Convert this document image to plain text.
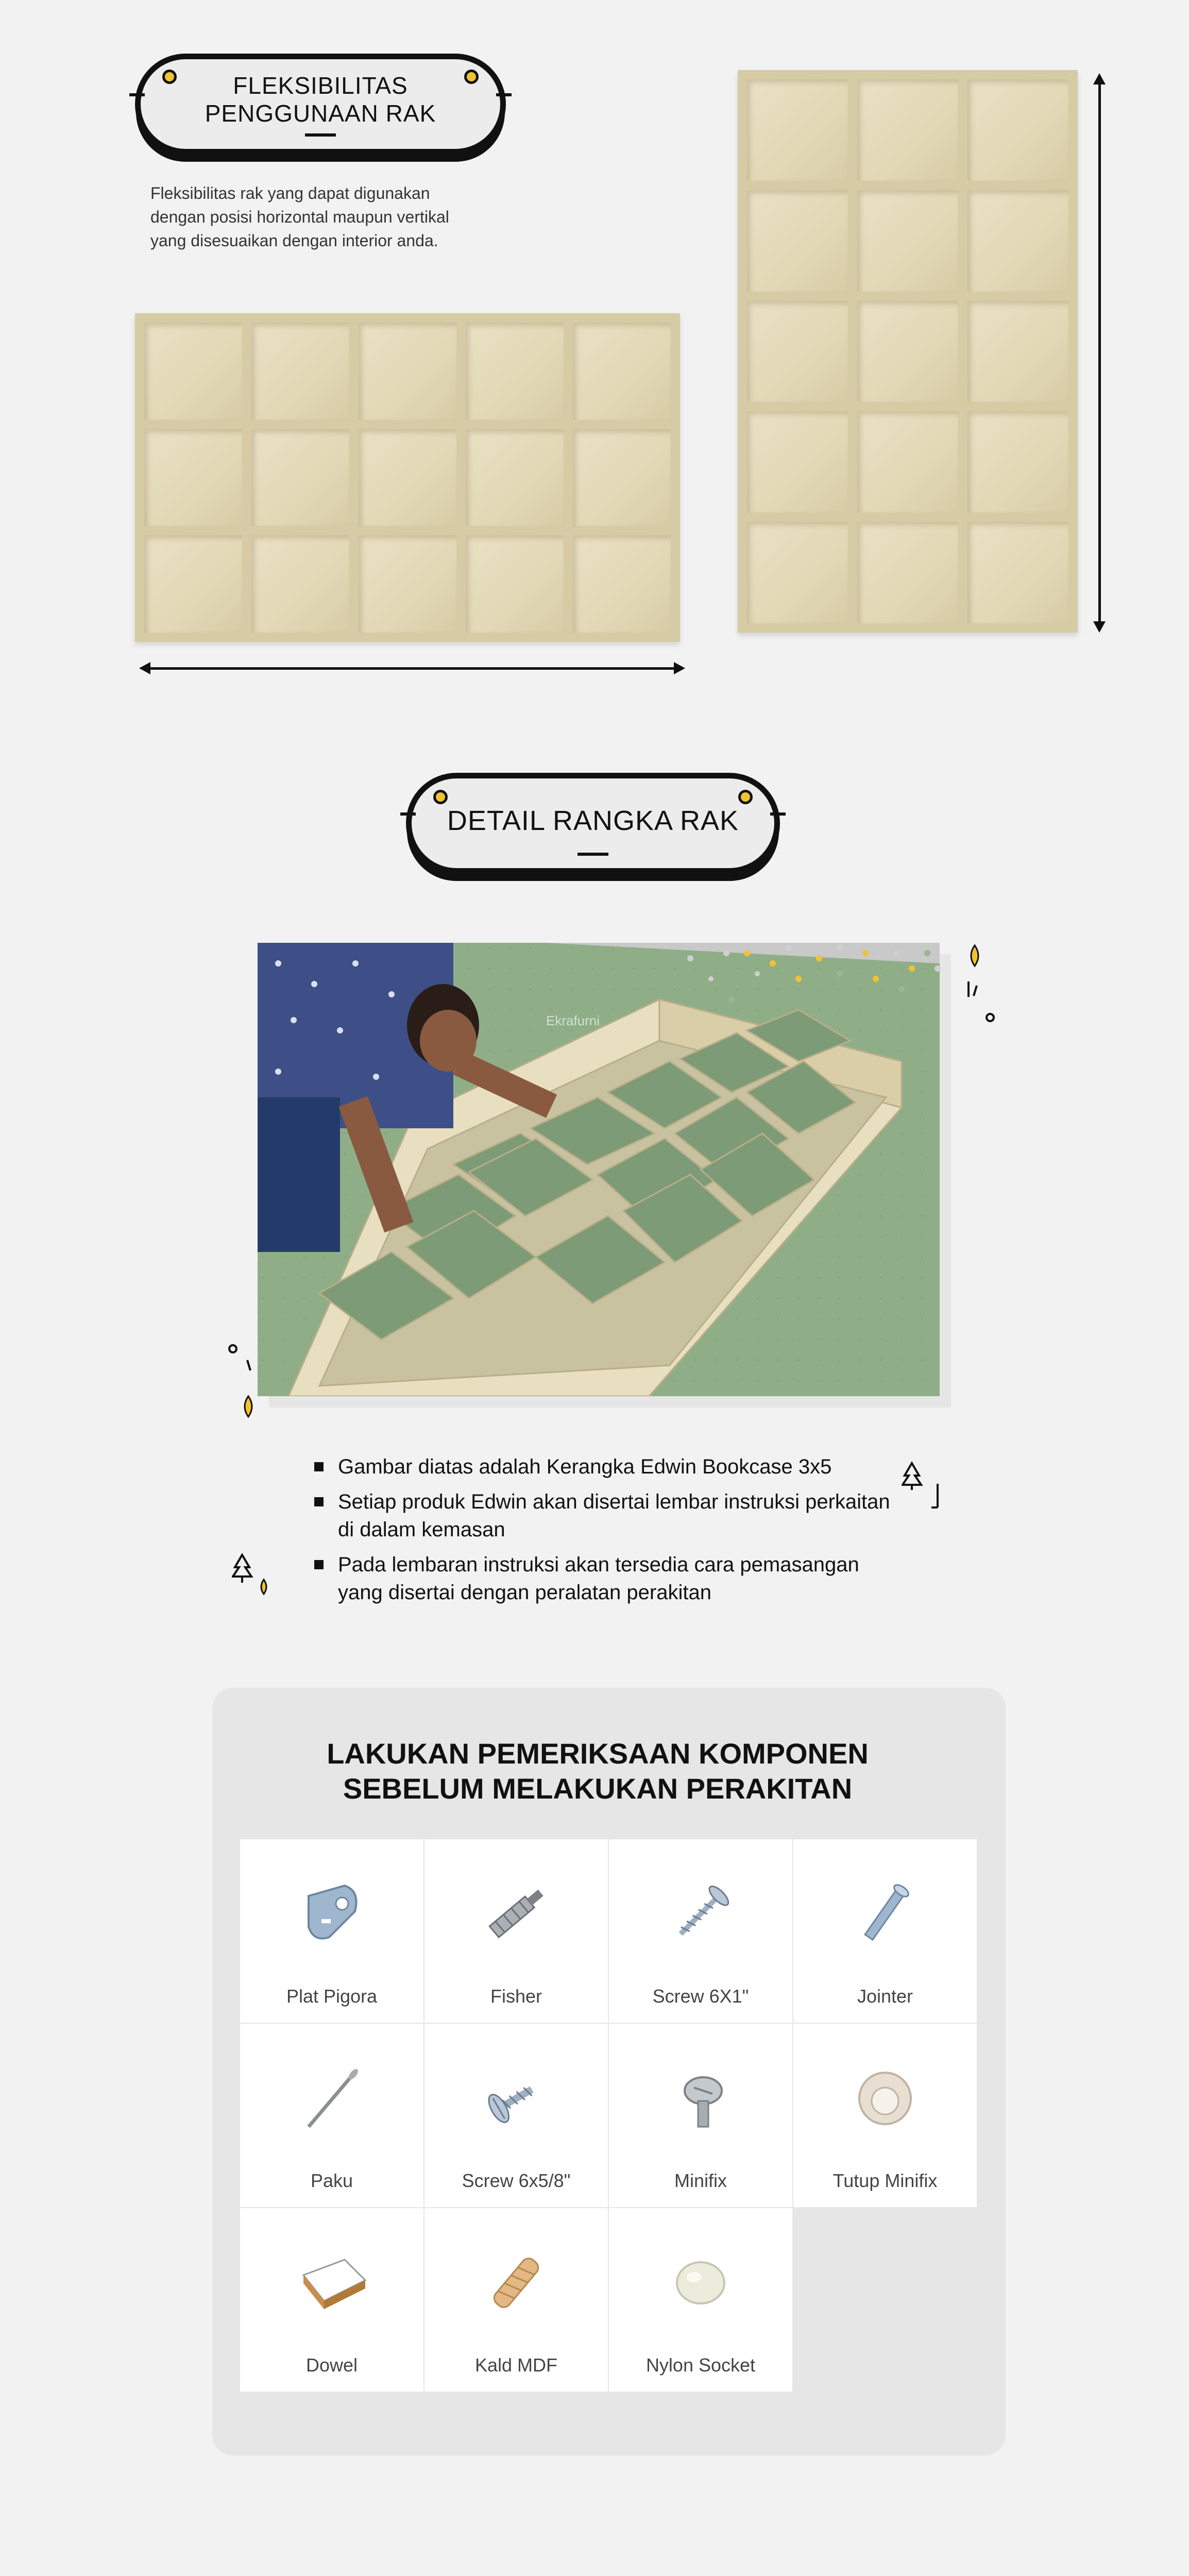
FLEKSIBILITAS
PENGGUNAAN RAK
Fleksibilitas rak yang dapat digunakan dengan posisi horizontal maupun vertikal yang disesuaikan dengan interior anda.
DETAIL RANGKA RAK
Ekrafurni
Gambar diatas adalah Kerangka Edwin Bookcase 3x5
Setiap produk Edwin akan disertai lembar instruksi perkaitan di dalam kemasan
Pada lembaran instruksi akan tersedia cara pemasangan yang disertai dengan peralatan perakitan
LAKUKAN PEMERIKSAAN KOMPONEN SEBELUM MELAKUKAN PERAKITAN
Plat Pigora	Fisher	Screw 6X1"	Jointer
Paku	Screw 6x5/8"	Minifix	Tutup Minifix
Dowel	Kald MDF	Nylon Socket
